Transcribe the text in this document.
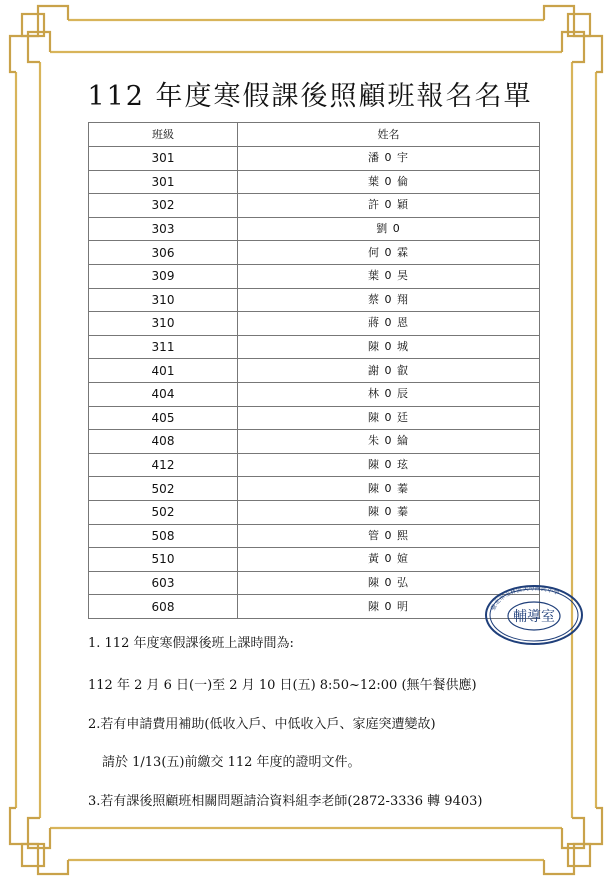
112 年度寒假課後照顧班報名名單
班級	姓名
301	潘 0 宇
301	葉 0 倫
302	許 0 穎
303	劉 0
306	何 0 霖
309	葉 0 昊
310	蔡 0 翔
310	蔣 0 恩
311	陳 0 城
401	謝 0 叡
404	林 0 辰
405	陳 0 廷
408	朱 0 綸
412	陳 0 玹
502	陳 0 蓁
502	陳 0 蓁
508	管 0 熙
510	黃 0 媗
603	陳 0 弘
608	陳 0 明	臺北市士林區天母國民小學
輔導室
1. 112 年度寒假課後班上課時間為:
112 年 2 月 6 日(一)至 2 月 10 日(五) 8:50~12:00 (無午餐供應)
2.若有申請費用補助(低收入戶、中低收入戶、家庭突遭變故)
請於 1/13(五)前繳交 112 年度的證明文件。
3.若有課後照顧班相關問題請洽資料組李老師(2872-3336 轉 9403)
